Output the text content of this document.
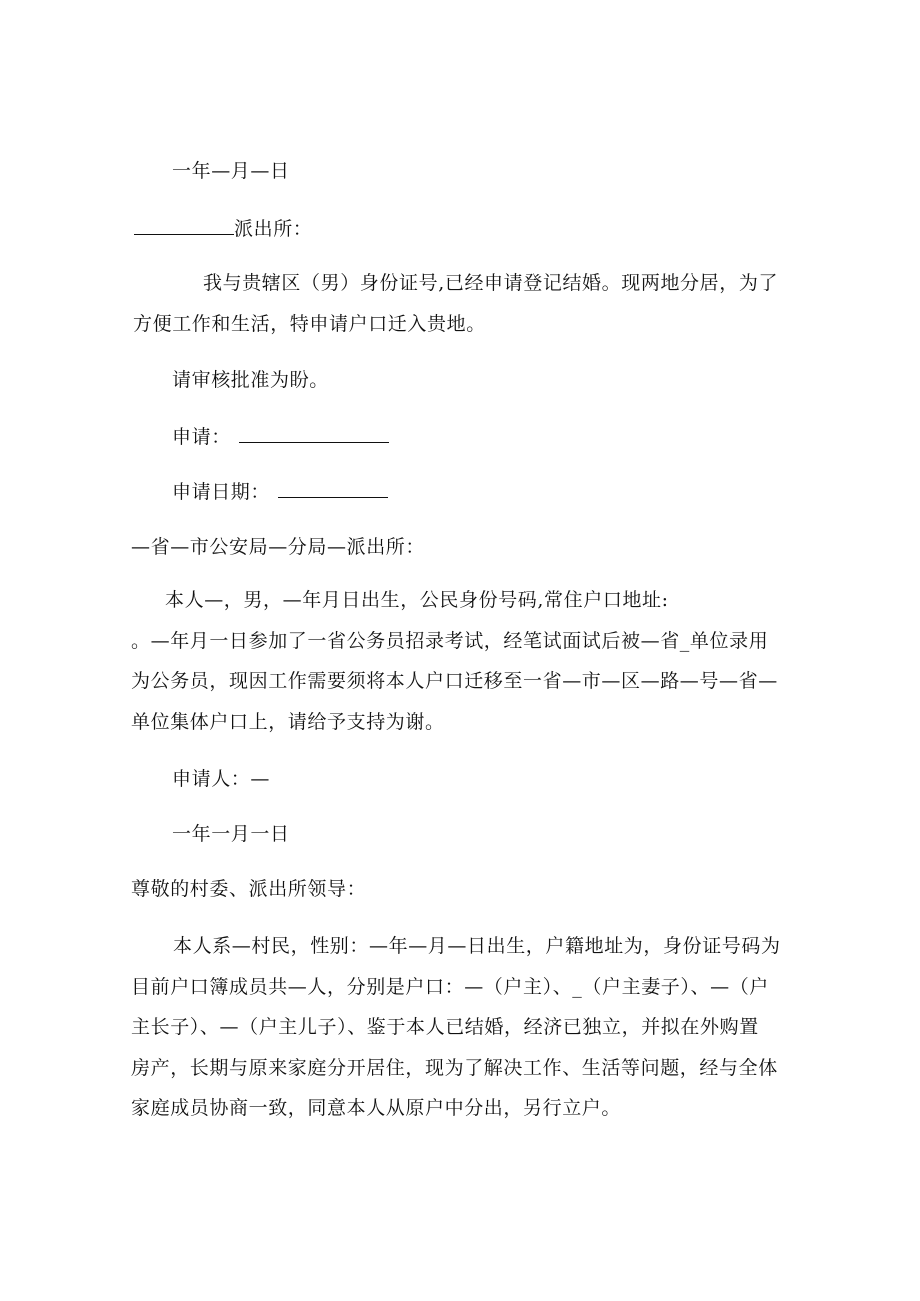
一年—月—日
派出所：
我与贵辖区（男）身份证号,已经申请登记结婚。现两地分居，为了
方便工作和生活，特申请户口迁入贵地。
请审核批准为盼。
申请：
申请日期：
—省—市公安局—分局—派出所：
本人—，男，—年月日出生，公民身份号码,常住户口地址:
。—年月一日参加了一省公务员招录考试，经笔试面试后被—省_单位录用
为公务员，现因工作需要须将本人户口迁移至一省—市—区—路—号—省—
单位集体户口上，请给予支持为谢。
申请人：—
一年一月一日
尊敬的村委、派出所领导：
本人系—村民，性别：—年—月—日出生，户籍地址为，身份证号码为
目前户口簿成员共—人，分别是户口：—（户主）、_（户主妻子）、—（户
主长子）、—（户主儿子）、鉴于本人已结婚，经济已独立，并拟在外购置
房产，长期与原来家庭分开居住，现为了解决工作、生活等问题，经与全体
家庭成员协商一致，同意本人从原户中分出，另行立户。
